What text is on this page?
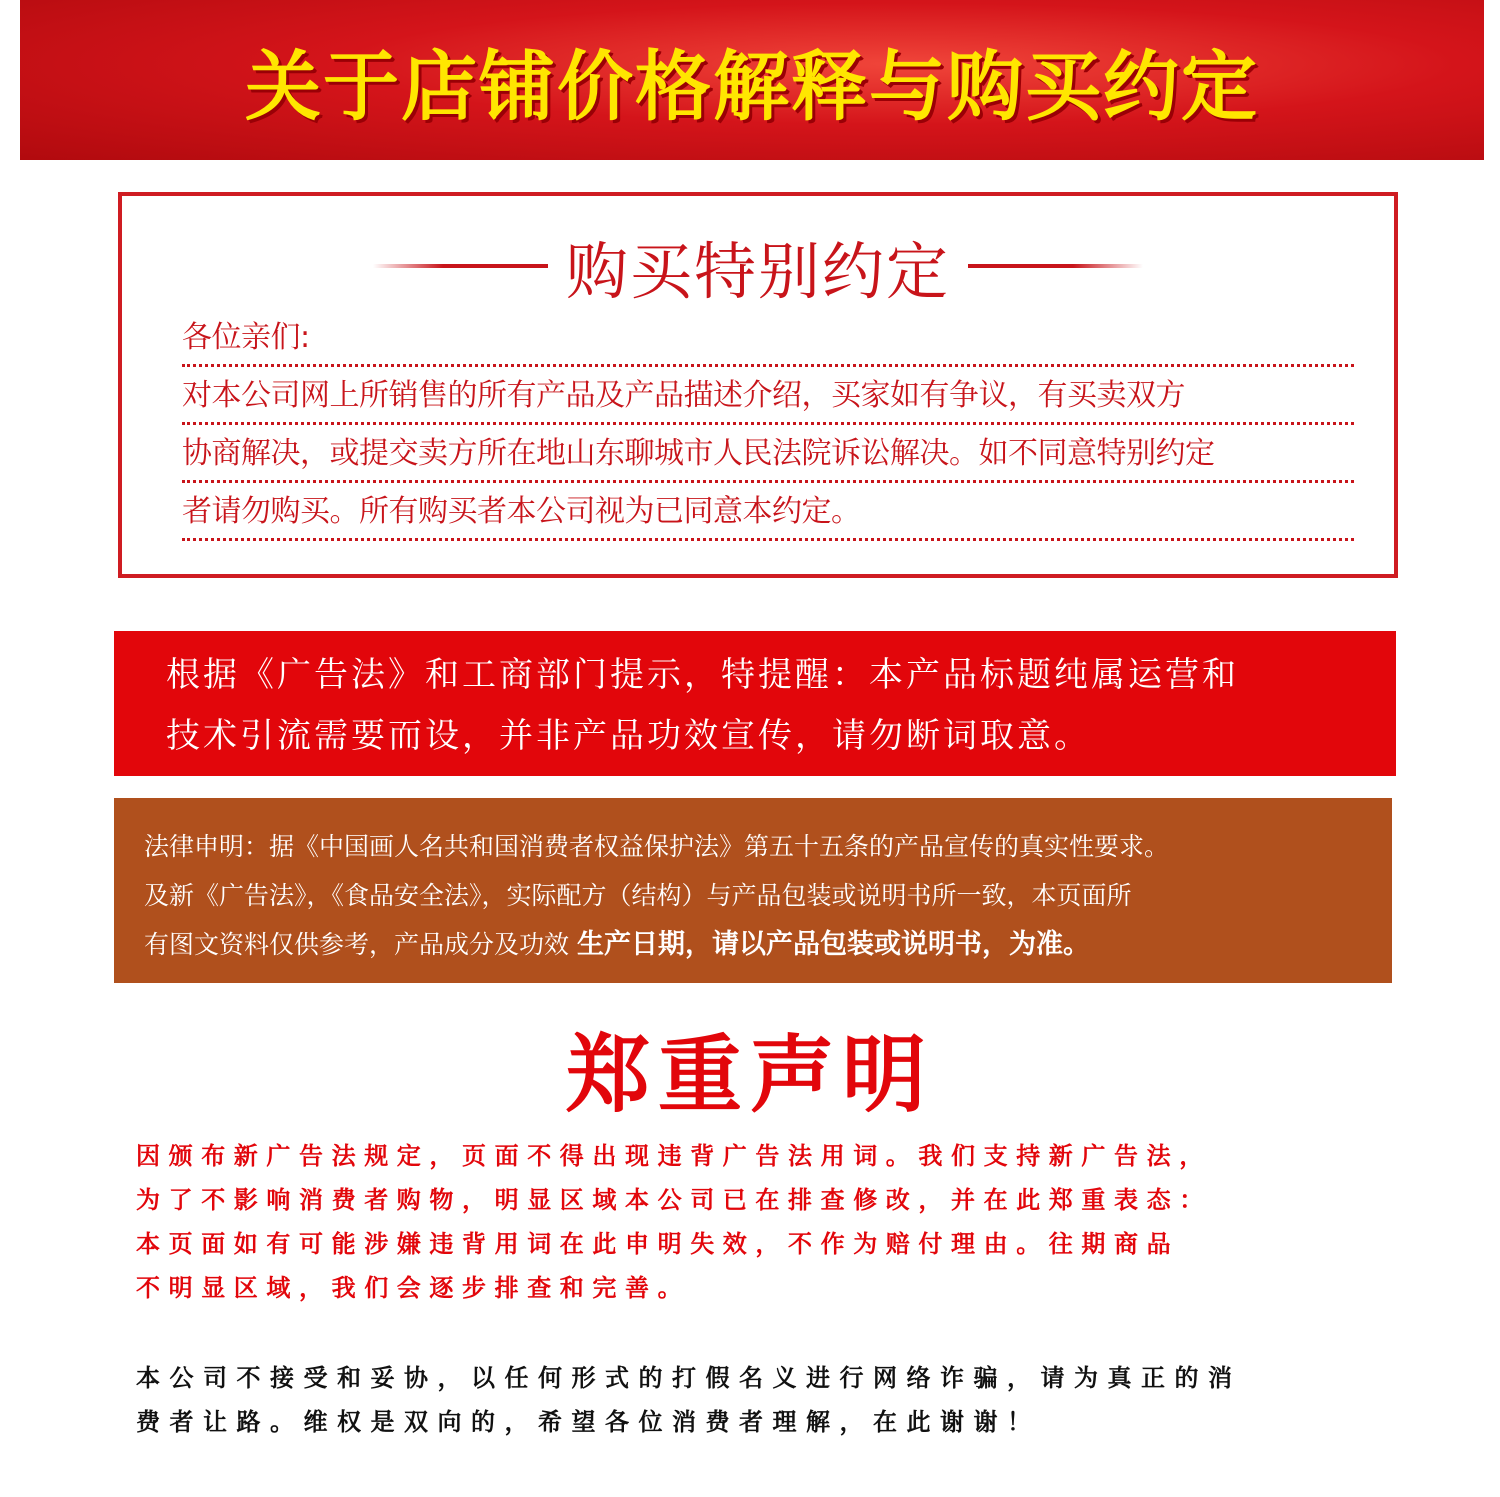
关于店铺价格解释与购买约定
购买特别约定
各位亲们:
对本公司网上所销售的所有产品及产品描述介绍，买家如有争议，有买卖双方
协商解决，或提交卖方所在地山东聊城市人民法院诉讼解决。如不同意特别约定
者请勿购买。所有购买者本公司视为已同意本约定。

根据《广告法》和工商部门提示，特提醒：本产品标题纯属运营和

技术引流需要而设，并非产品功效宣传，请勿断词取意。

法律申明：据《中国画人名共和国消费者权益保护法》第五十五条的产品宣传的真实性要求。

及新《广告法》，《食品安全法》，实际配方（结构）与产品包装或说明书所一致，本页面所

有图文资料仅供参考，产品成分及功效 生产日期，请以产品包装或说明书，为准。

郑重声明

因颁布新广告法规定，页面不得出现违背广告法用词。我们支持新广告法，

为了不影响消费者购物，明显区域本公司已在排查修改，并在此郑重表态：

本页面如有可能涉嫌违背用词在此申明失效，不作为赔付理由。往期商品

不明显区域，我们会逐步排查和完善。

本公司不接受和妥协，以任何形式的打假名义进行网络诈骗，请为真正的消

费者让路。维权是双向的，希望各位消费者理解，在此谢谢！
